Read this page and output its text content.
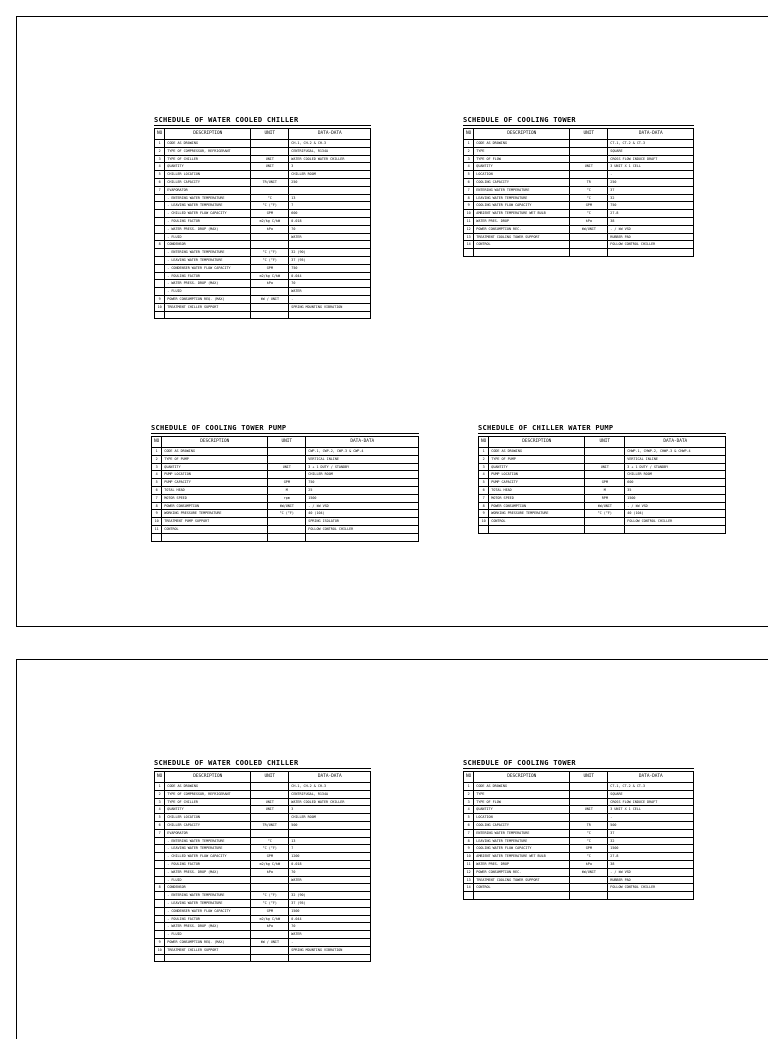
SCHEDULE OF WATER COOLED CHILLER
NO	DESCRIPTION	UNIT	DATA-DATA
1	CODE AS DRAWING		CH-1, CH-2 & CH-3
2	TYPE OF COMPRESSOR, REFRIGERANT		CENTRIFUGAL, R134A
3	TYPE OF CHILLER	UNIT	WATER COOLED WATER CHILLER
4	QUANTITY	UNIT	3
5	CHILLER LOCATION		CHILLER ROOM
6	CHILLER CAPACITY	TR/UNIT	250
7	EVAPORATOR		
	- ENTERING WATER TEMPERATURE	°C	13
	- LEAVING WATER TEMPERATURE	°C (°F)	7
	- CHILLED WATER FLOW CAPACITY	GPM	600
	- FOULING FACTOR	m2/kg C/kW	0.018
	- WATER PRESS. DROP (MAX)	kPa	70
	- FLUID		WATER
8	CONDENSOR		
	- ENTERING WATER TEMPERATURE	°C (°F)	32 (90)
	- LEAVING WATER TEMPERATURE	°C (°F)	37 (95)
	- CONDENSER WATER FLOW CAPACITY	GPM	750
	- FOULING FACTOR	m2/kg C/kW	0.044
	- WATER PRESS. DROP (MAX)	kPa	70
	- FLUID		WATER
9	POWER CONSUMPTION REQ. (MAX)	kW / UNIT	-
10	TREATMENT CHILLER SUPPORT		SPRING MOUNTING VIBRATION

SCHEDULE OF COOLING TOWER
NO	DESCRIPTION	UNIT	DATA-DATA
1	CODE AS DRAWING		CT-1, CT-2 & CT-3
2	TYPE		SQUARE
3	TYPE OF FLOW		CROSS FLOW INDUCE DRAFT
4	QUANTITY	UNIT	3 UNIT X 1 CELL
5	LOCATION		-
6	COOLING CAPACITY	TR	250
7	ENTERING WATER TEMPERATURE	°C	37
8	LEAVING WATER TEMPERATURE	°C	32
9	COOLING WATER FLOW CAPACITY	GPM	750
10	AMBIENT WATER TEMPERATURE WET BULB	°C	27.8
11	WATER PRES. DROP	kPa	38
12	POWER CONSUMPTION REC.	kW/UNIT	- / kW VSD
13	TREATMENT COOLING TOWER SUPPORT		RUBBER PAD
14	CONTROL		FOLLOW CONTROL CHILLER

SCHEDULE OF COOLING TOWER PUMP
NO	DESCRIPTION	UNIT	DATA-DATA
1	CODE AS DRAWING		CWP-1, CWP-2, CWP-3 & CWP-4
2	TYPE OF PUMP		VERTICAL INLINE
3	QUANTITY	UNIT	3 + 1 DUTY / STANDBY
4	PUMP LOCATION		CHILLER ROOM
5	PUMP CAPACITY	GPM	750
6	TOTAL HEAD	M	25
7	MOTOR SPEED	rpm	1500
8	POWER CONSUMPTION	kW/UNIT	- / kW VSD
9	WORKING PRESSURE TEMPERATURE	°C (°F)	40 (104)
10	TREATMENT PUMP SUPPORT		SPRING ISOLATOR
11	CONTROL		FOLLOW CONTROL CHILLER

SCHEDULE OF CHILLER WATER PUMP
NO	DESCRIPTION	UNIT	DATA-DATA
1	CODE AS DRAWING		CHWP-1, CHWP-2, CHWP-3 & CHWP-4
2	TYPE OF PUMP		VERTICAL INLINE
3	QUANTITY	UNIT	3 + 1 DUTY / STANDBY
4	PUMP LOCATION		CHILLER ROOM
5	PUMP CAPACITY	GPM	600
6	TOTAL HEAD	M	35
7	MOTOR SPEED	RPM	1500
8	POWER CONSUMPTION	kW/UNIT	- / kW VSD
9	WORKING PRESSURE TEMPERATURE	°C (°F)	40 (104)
10	CONTROL		FOLLOW CONTROL CHILLER

SCHEDULE OF WATER COOLED CHILLER
NO	DESCRIPTION	UNIT	DATA-DATA
1	CODE AS DRAWING		CH-1, CH-2 & CH-3
2	TYPE OF COMPRESSOR, REFRIGERANT		CENTRIFUGAL, R134A
3	TYPE OF CHILLER	UNIT	WATER COOLED WATER CHILLER
4	QUANTITY	UNIT	3
5	CHILLER LOCATION		CHILLER ROOM
6	CHILLER CAPACITY	TR/UNIT	500
7	EVAPORATOR		
	- ENTERING WATER TEMPERATURE	°C	13
	- LEAVING WATER TEMPERATURE	°C (°F)	7
	- CHILLED WATER FLOW CAPACITY	GPM	1200
	- FOULING FACTOR	m2/kg C/kW	0.018
	- WATER PRESS. DROP (MAX)	kPa	70
	- FLUID		WATER
8	CONDENSOR		
	- ENTERING WATER TEMPERATURE	°C (°F)	32 (90)
	- LEAVING WATER TEMPERATURE	°C (°F)	37 (95)
	- CONDENSER WATER FLOW CAPACITY	GPM	1500
	- FOULING FACTOR	m2/kg C/kW	0.044
	- WATER PRESS. DROP (MAX)	kPa	70
	- FLUID		WATER
9	POWER CONSUMPTION REQ. (MAX)	kW / UNIT	-
10	TREATMENT CHILLER SUPPORT		SPRING MOUNTING VIBRATION

SCHEDULE OF COOLING TOWER
NO	DESCRIPTION	UNIT	DATA-DATA
1	CODE AS DRAWING		CT-1, CT-2 & CT-3
2	TYPE		SQUARE
3	TYPE OF FLOW		CROSS FLOW INDUCE DRAFT
4	QUANTITY	UNIT	3 UNIT X 1 CELL
5	LOCATION		-
6	COOLING CAPACITY	TR	500
7	ENTERING WATER TEMPERATURE	°C	37
8	LEAVING WATER TEMPERATURE	°C	32
9	COOLING WATER FLOW CAPACITY	GPM	1500
10	AMBIENT WATER TEMPERATURE WET BULB	°C	27.8
11	WATER PRES. DROP	kPa	38
12	POWER CONSUMPTION REC.	kW/UNIT	- / kW VSD
13	TREATMENT COOLING TOWER SUPPORT		RUBBER PAD
14	CONTROL		FOLLOW CONTROL CHILLER
